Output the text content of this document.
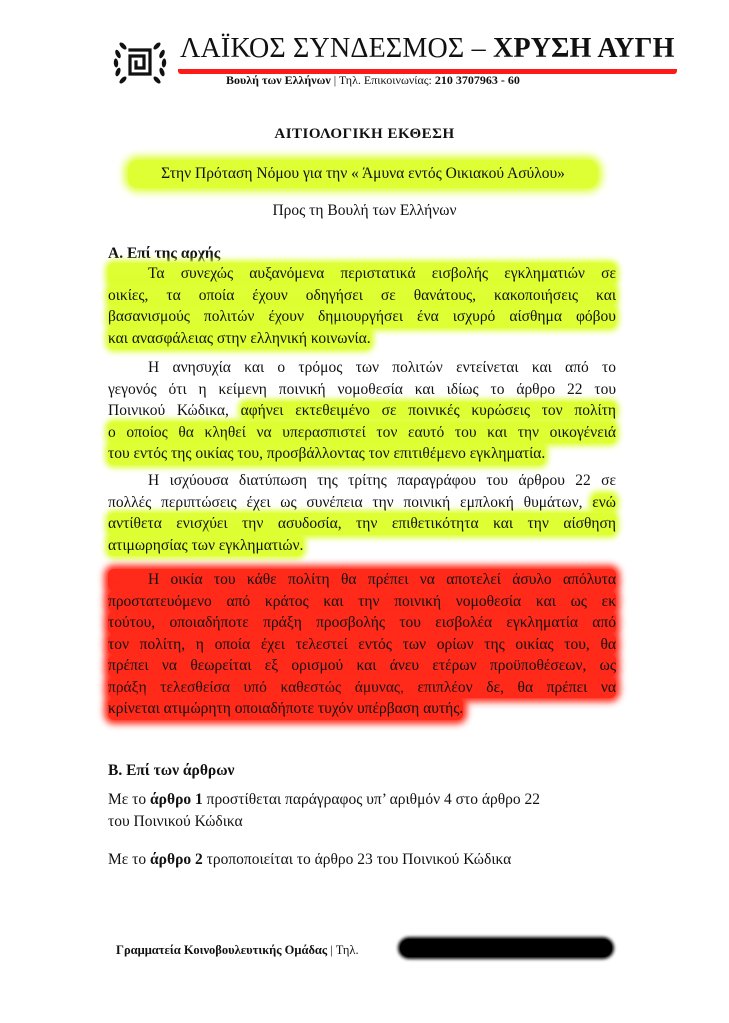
ΛΑΪΚΟΣ ΣΥΝΔΕΣΜΟΣ – ΧΡΥΣΗ ΑΥΓΗ
Βουλή των Ελλήνων | Τηλ. Επικοινωνίας: 210 3707963 - 60
ΑΙΤΙΟΛΟΓΙΚΗ ΕΚΘΕΣΗ
Στην Πρόταση Νόμου για την « Άμυνα εντός Οικιακού Ασύλου»
Προς τη Βουλή των Ελλήνων
Α. Επί της αρχής
Τα συνεχώς αυξανόμενα περιστατικά εισβολής εγκληματιών σε
οικίες, τα οποία έχουν οδηγήσει σε θανάτους, κακοποιήσεις και
βασανισμούς πολιτών έχουν δημιουργήσει ένα ισχυρό αίσθημα φόβου
και ανασφάλειας στην ελληνική κοινωνία.
Η ανησυχία και ο τρόμος των πολιτών εντείνεται και από το
γεγονός ότι η κείμενη ποινική νομοθεσία και ιδίως το άρθρο 22 του
Ποινικού Κώδικα, αφήνει εκτεθειμένο σε ποινικές κυρώσεις τον πολίτη
ο οποίος θα κληθεί να υπερασπιστεί τον εαυτό του και την οικογένειά
του εντός της οικίας του, προσβάλλοντας τον επιτιθέμενο εγκληματία.
Η ισχύουσα διατύπωση της τρίτης παραγράφου του άρθρου 22 σε
πολλές περιπτώσεις έχει ως συνέπεια την ποινική εμπλοκή θυμάτων, ενώ
αντίθετα ενισχύει την ασυδοσία, την επιθετικότητα και την αίσθηση
ατιμωρησίας των εγκληματιών.
Η οικία του κάθε πολίτη θα πρέπει να αποτελεί άσυλο απόλυτα
προστατευόμενο από κράτος και την ποινική νομοθεσία και ως εκ
τούτου, οποιαδήποτε πράξη προσβολής του εισβολέα εγκληματία από
τον πολίτη, η οποία έχει τελεστεί εντός των ορίων της οικίας του, θα
πρέπει να θεωρείται εξ ορισμού και άνευ ετέρων προϋποθέσεων, ως
πράξη τελεσθείσα υπό καθεστώς άμυνας, επιπλέον δε, θα πρέπει να
κρίνεται ατιμώρητη οποιαδήποτε τυχόν υπέρβαση αυτής.
Β. Επί των άρθρων
Με το άρθρο 1 προστίθεται παράγραφος υπ’ αριθμόν 4 στο άρθρο 22
του Ποινικού Κώδικα
Με το άρθρο 2 τροποποιείται το άρθρο 23 του Ποινικού Κώδικα
Γραμματεία Κοινοβουλευτικής Ομάδας | Τηλ.
